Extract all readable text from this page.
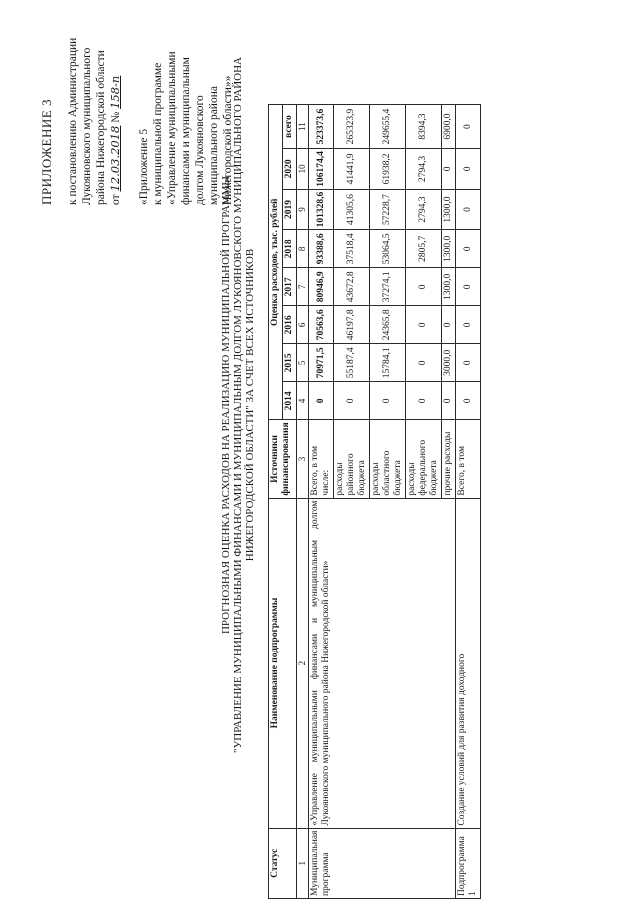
ПРИЛОЖЕНИЕ 3 к постановлению Администрации Лукояновского муниципального района Нижегородской области от 12.03.2018 № 158-п
«Приложение 5 к муниципальной программе «Управление муниципальными финансами и муниципальным долгом Лукояновского муниципального района Нижегородской области»»
ПРОГНОЗНАЯ ОЦЕНКА РАСХОДОВ НА РЕАЛИЗАЦИЮ МУНИЦИПАЛЬНОЙ ПРОГРАММЫ "УПРАВЛЕНИЕ МУНИЦИПАЛЬНЫМИ ФИНАНСАМИ И МУНИЦИПАЛЬНЫМ ДОЛГОМ ЛУКОЯНОВСКОГО МУНИЦИПАЛЬНОГО РАЙОНА НИЖЕГОРОДСКОЙ ОБЛАСТИ" ЗА СЧЕТ ВСЕХ ИСТОЧНИКОВ
Статус	Наименование подпрограммы	Источники финансирования	Оценка расходов, тыс. рублей							
			2014	2015	2016	2017	2018	2019	2020	всего
1	2	3	4	5	6	7	8	9	10	11
Муниципальная программа	«Управление муниципальными финансами и муниципальным долгом Лукояновского муниципального района Нижегородской области»	Всего, в том числе:	0	70971,5	70563,6	80946,9	93388,6	101328,6	106174,4	523373,6
		расходы районного бюджета	0	55187,4	46197,8	43672,8	37518,4	41305,6	41441,9	265323,9
		расходы областного бюджета	0	15784,1	24365,8	37274,1	53064,5	57228,7	61938,2	249655,4
		расходы федерального бюджета	0	0	0	0	2805,7	2794,3	2794,3	8394,3
		прочие расходы	0	3000,0	0	1300,0	1300,0	1300,0	0	6900,0
Подпрограмма 1	Создание условий для развития доходного	Всего, в том	0	0	0	0	0	0	0	0
